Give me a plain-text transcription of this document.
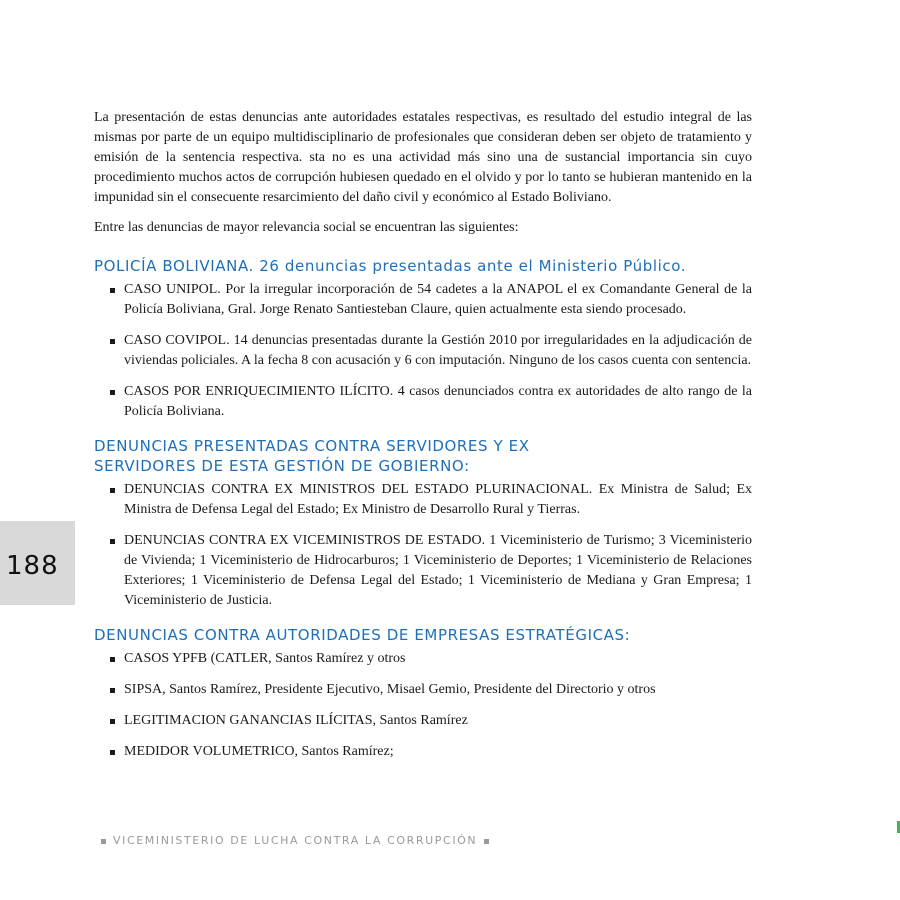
La presentación de estas denuncias ante autoridades estatales respectivas, es resultado del estudio integral de las mismas por parte de un equipo multidisciplinario de profesionales que consideran deben ser objeto de tratamiento y emisión de la sentencia respectiva. sta no es una actividad más sino una de sustancial importancia sin cuyo procedimiento muchos actos de corrupción hubiesen quedado en el olvido y por lo tanto se hubieran mantenido en la impunidad sin el consecuente resarcimiento del daño civil y económico al Estado Boliviano.

Entre las denuncias de mayor relevancia social se encuentran las siguientes:

POLICÍA BOLIVIANA. 26 denuncias presentadas ante el Ministerio Público.
CASO UNIPOL. Por la irregular incorporación de 54 cadetes a la ANAPOL el ex Comandante General de la Policía Boliviana, Gral. Jorge Renato Santiesteban Claure, quien actualmente esta siendo procesado.
CASO COVIPOL. 14 denuncias presentadas durante la Gestión 2010 por irregularidades en la adjudicación de viviendas policiales. A la fecha 8 con acusación y 6 con imputación. Ninguno de los casos cuenta con sentencia.
CASOS POR ENRIQUECIMIENTO ILÍCITO. 4 casos denunciados contra ex autoridades de alto rango de la Policía Boliviana.
DENUNCIAS PRESENTADAS CONTRA SERVIDORES Y EX
SERVIDORES DE ESTA GESTIÓN DE GOBIERNO:
DENUNCIAS CONTRA EX MINISTROS DEL ESTADO PLURINACIONAL. Ex Ministra de Salud; Ex Ministra de Defensa Legal del Estado; Ex Ministro de Desarrollo Rural y Tierras.
DENUNCIAS CONTRA EX VICEMINISTROS DE ESTADO. 1 Viceministerio de Turismo; 3 Viceministerio de Vivienda; 1 Viceministerio de Hidrocarburos; 1 Viceministerio de Deportes; 1 Viceministerio de Relaciones Exteriores; 1 Viceministerio de Defensa Legal del Estado; 1 Viceministerio de Mediana y Gran Empresa; 1 Viceministerio de Justicia.
DENUNCIAS CONTRA AUTORIDADES DE EMPRESAS ESTRATÉGICAS:
CASOS YPFB (CATLER, Santos Ramírez y otros
SIPSA, Santos Ramírez, Presidente Ejecutivo, Misael Gemio, Presidente del Directorio y otros
LEGITIMACION GANANCIAS ILÍCITAS, Santos Ramírez
MEDIDOR VOLUMETRICO, Santos Ramírez;
188
VICEMINISTERIO DE LUCHA CONTRA LA CORRUPCIÓN
